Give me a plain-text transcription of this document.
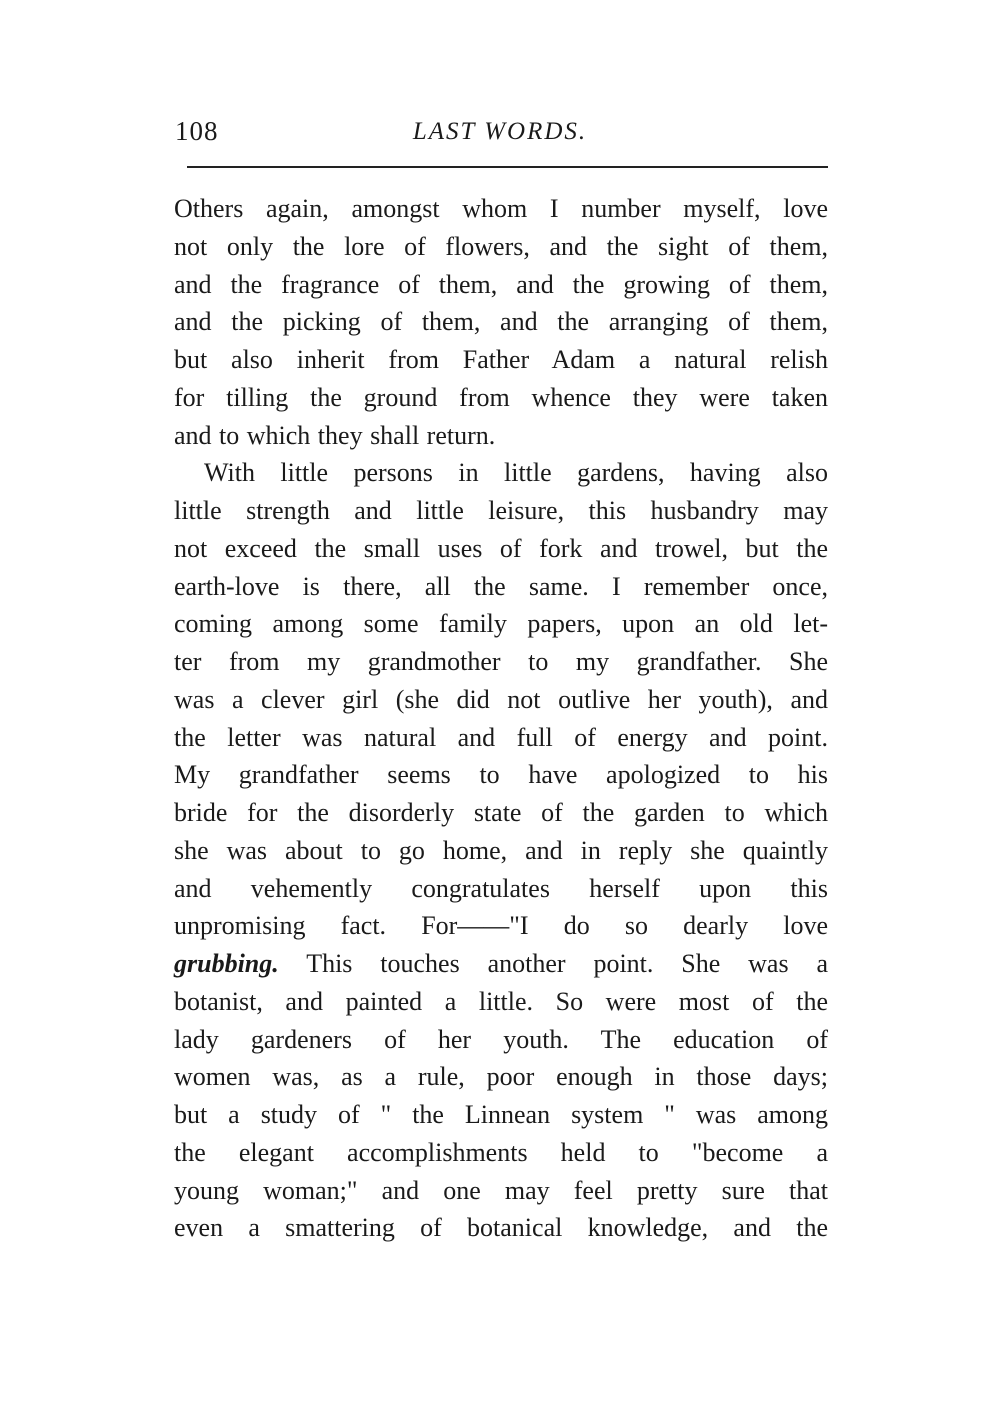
108	LAST WORDS.
Others again, amongst whom I number myself, love
not only the lore of flowers, and the sight of them,
and the fragrance of them, and the growing of them,
and the picking of them, and the arranging of them,
but also inherit from Father Adam a natural relish
for tilling the ground from whence they were taken
and to which they shall return.
With little persons in little gardens, having also
little strength and little leisure, this husbandry may
not exceed the small uses of fork and trowel, but the
earth-love is there, all the same. I remember once,
coming among some family papers, upon an old let-
ter from my grandmother to my grandfather. She
was a clever girl (she did not outlive her youth), and
the letter was natural and full of energy and point.
My grandfather seems to have apologized to his
bride for the disorderly state of the garden to which
she was about to go home, and in reply she quaintly
and vehemently congratulates herself upon this
unpromising fact. For——"I do so dearly love
grubbing. This touches another point. She was a
botanist, and painted a little. So were most of the
lady gardeners of her youth. The education of
women was, as a rule, poor enough in those days;
but a study of " the Linnean system " was among
the elegant accomplishments held to "become a
young woman;" and one may feel pretty sure that
even a smattering of botanical knowledge, and the
